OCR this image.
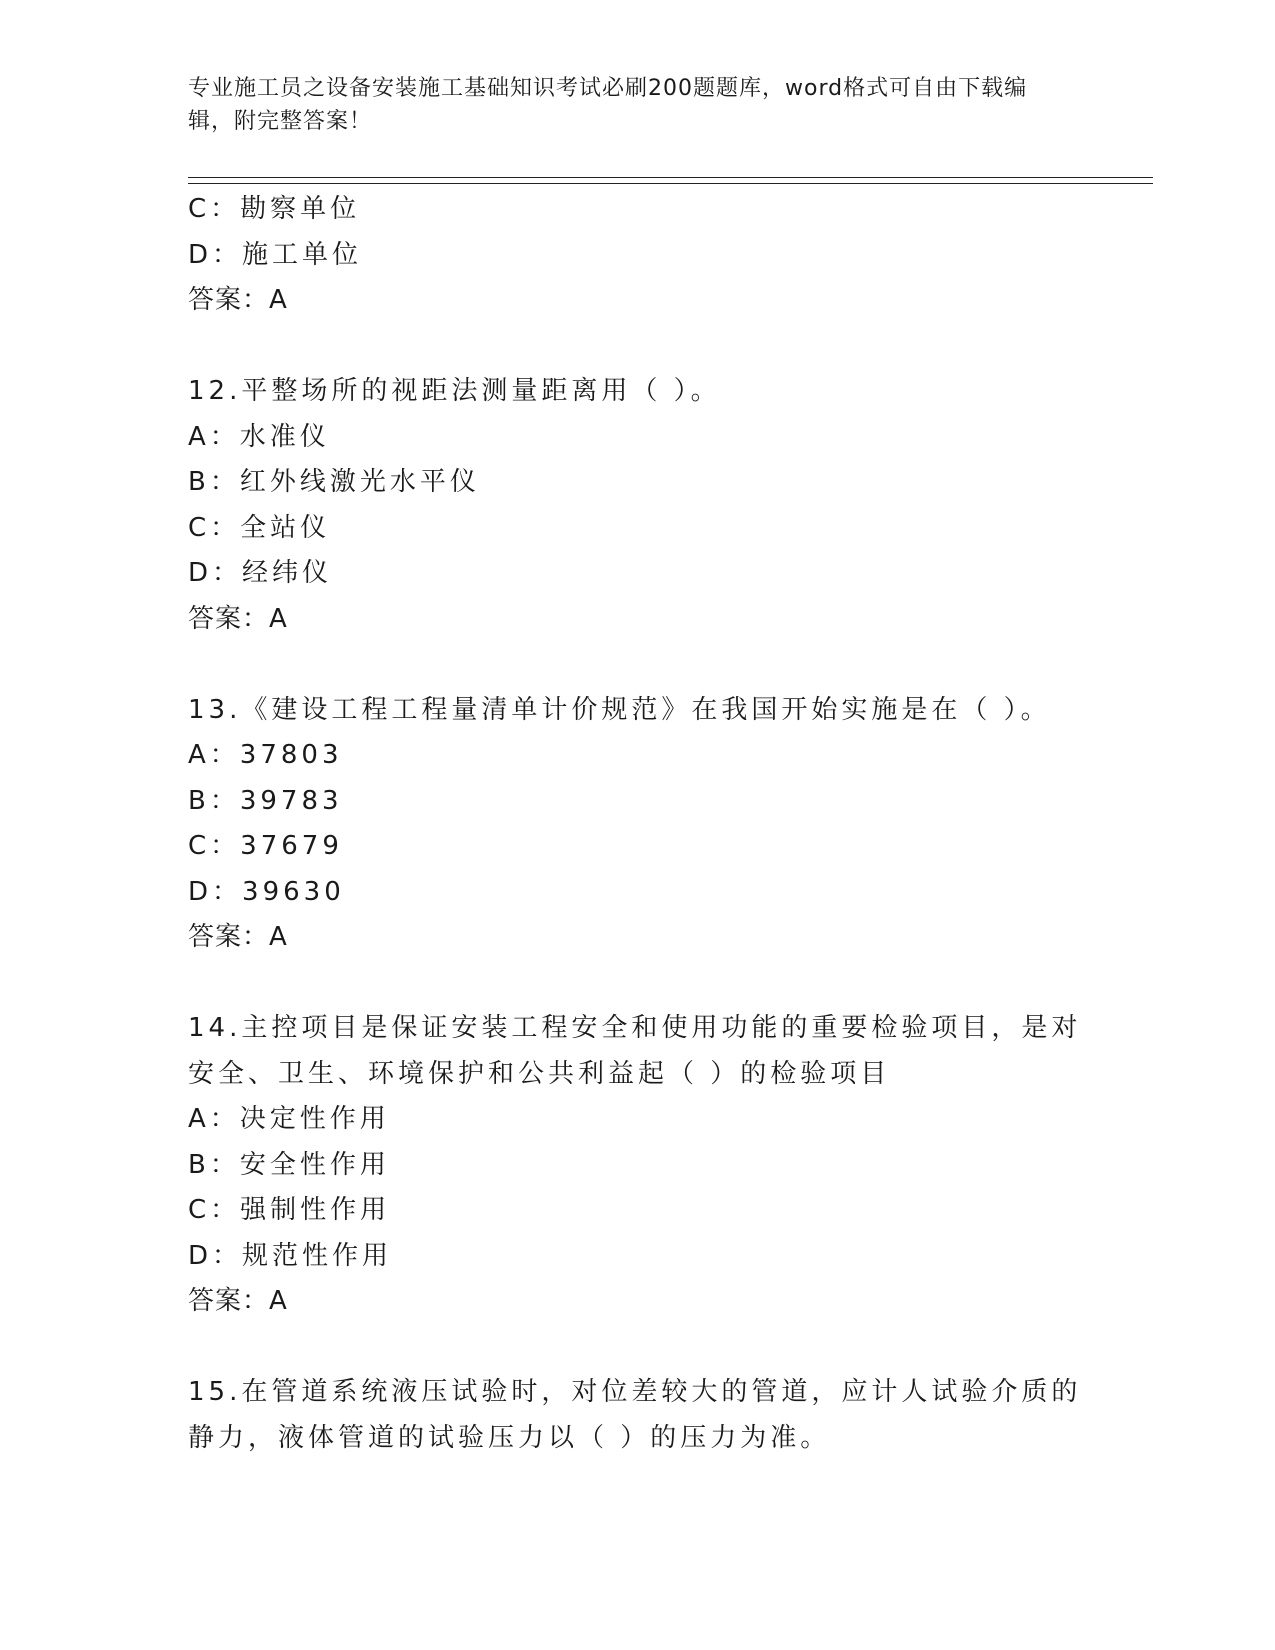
专业施工员之设备安装施工基础知识考试必刷200题题库，word格式可自由下载编辑，附完整答案！
C：勘察单位
D：施工单位
答案：A
12.平整场所的视距法测量距离用（ ）。
A：水准仪
B：红外线激光水平仪
C：全站仪
D：经纬仪
答案：A
13.《建设工程工程量清单计价规范》在我国开始实施是在（ ）。
A：37803
B：39783
C：37679
D：39630
答案：A
14.主控项目是保证安装工程安全和使用功能的重要检验项目，是对安全、卫生、环境保护和公共利益起（ ）的检验项目
A：决定性作用
B：安全性作用
C：强制性作用
D：规范性作用
答案：A
15.在管道系统液压试验时，对位差较大的管道，应计人试验介质的静力，液体管道的试验压力以（ ）的压力为准。
